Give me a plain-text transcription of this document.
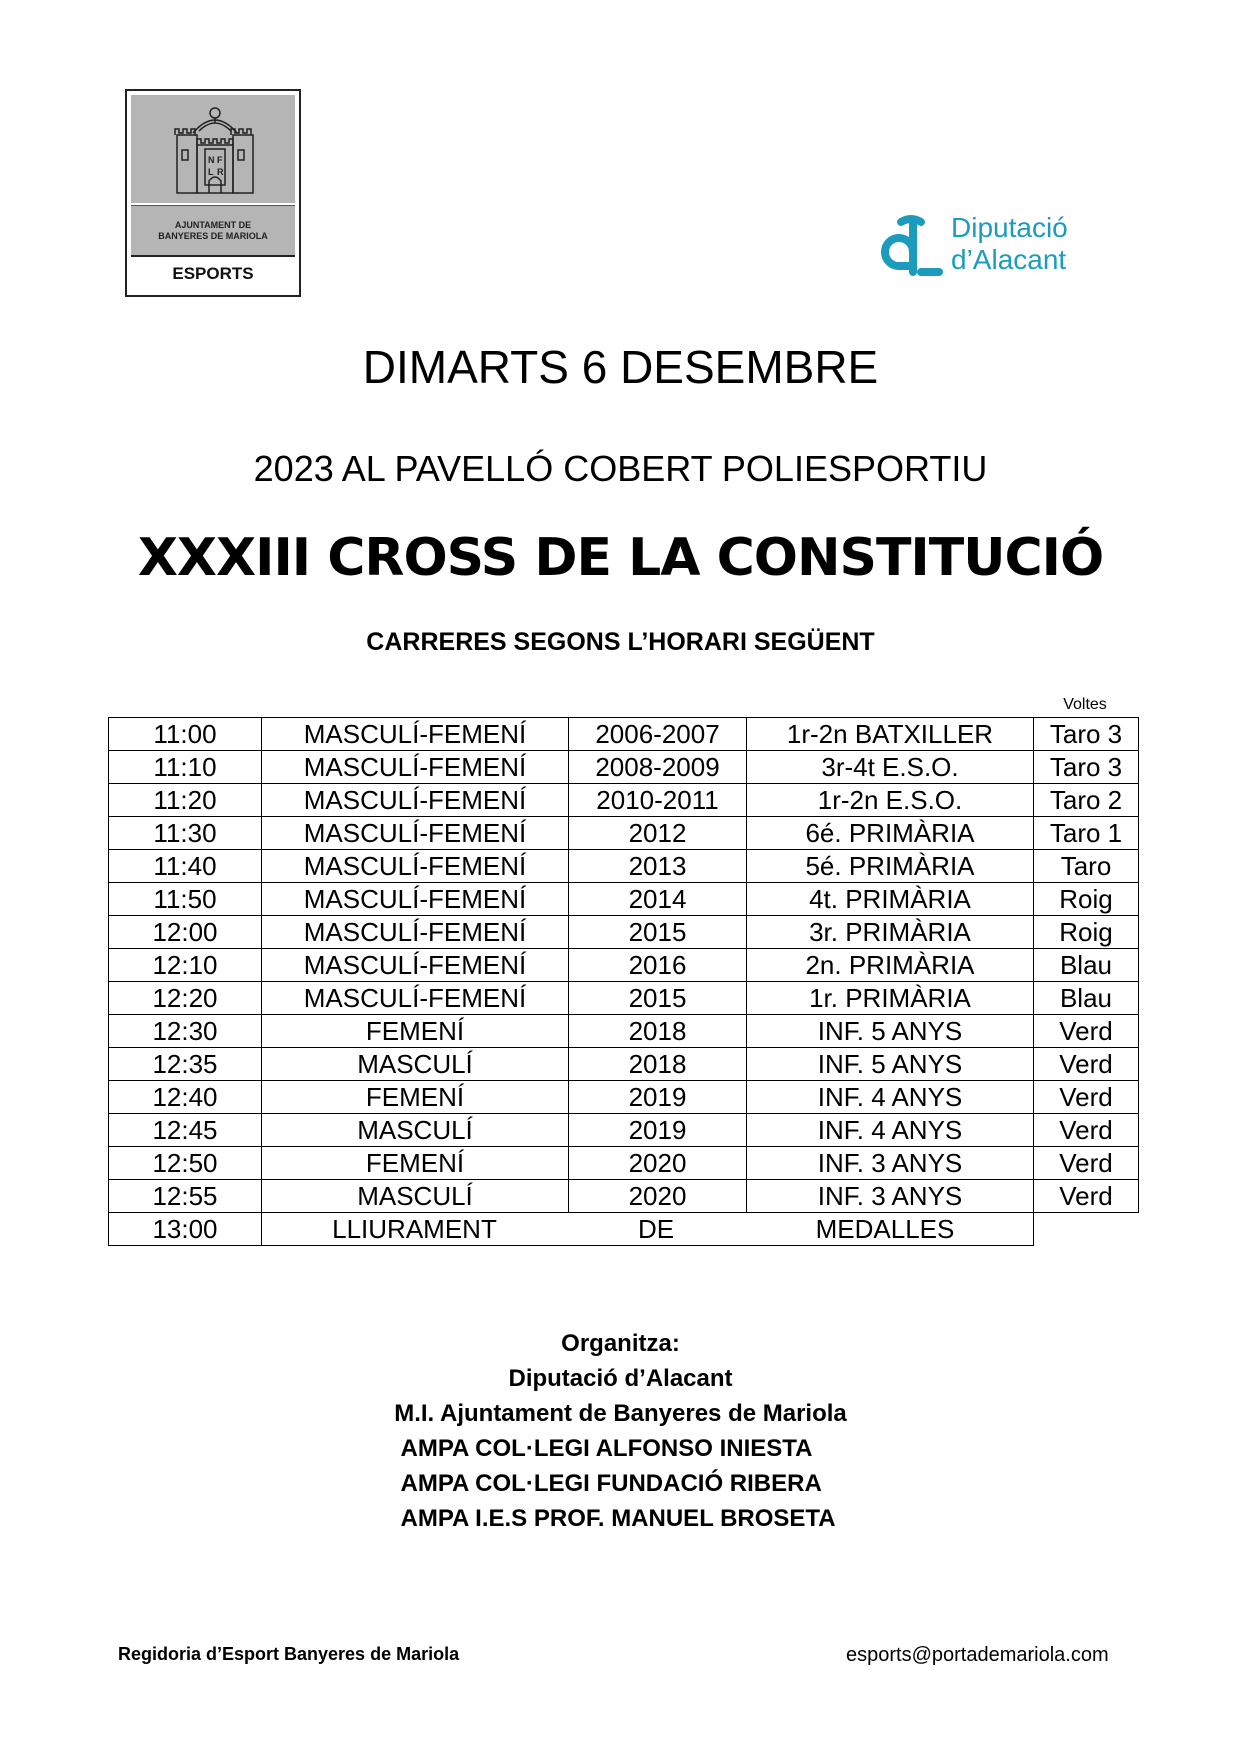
N F
L R
AJUNTAMENT DE
BANYERES DE MARIOLA
ESPORTS
Diputació
d’Alacant
DIMARTS 6 DESEMBRE
2023 AL PAVELLÓ COBERT POLIESPORTIU
XXXIII CROSS DE LA CONSTITUCIÓ
CARRERES SEGONS L’HORARI SEGÜENT
Voltes
11:00	MASCULÍ-FEMENÍ	2006-2007	1r-2n BATXILLER	Taro 3
11:10	MASCULÍ-FEMENÍ	2008-2009	3r-4t E.S.O.	Taro 3
11:20	MASCULÍ-FEMENÍ	2010-2011	1r-2n E.S.O.	Taro 2
11:30	MASCULÍ-FEMENÍ	2012	6é. PRIMÀRIA	Taro 1
11:40	MASCULÍ-FEMENÍ	2013	5é. PRIMÀRIA	Taro
11:50	MASCULÍ-FEMENÍ	2014	4t. PRIMÀRIA	Roig
12:00	MASCULÍ-FEMENÍ	2015	3r. PRIMÀRIA	Roig
12:10	MASCULÍ-FEMENÍ	2016	2n. PRIMÀRIA	Blau
12:20	MASCULÍ-FEMENÍ	2015	1r. PRIMÀRIA	Blau
12:30	FEMENÍ	2018	INF. 5 ANYS	Verd
12:35	MASCULÍ	2018	INF. 5 ANYS	Verd
12:40	FEMENÍ	2019	INF. 4 ANYS	Verd
12:45	MASCULÍ	2019	INF. 4 ANYS	Verd
12:50	FEMENÍ	2020	INF. 3 ANYS	Verd
12:55	MASCULÍ	2020	INF. 3 ANYS	Verd
13:00	LLIURAMENT DE MEDALLES			
Organitza:
Diputació d’Alacant
M.I. Ajuntament de Banyeres de Mariola
AMPA COL·LEGI ALFONSO INIESTA
AMPA COL·LEGI FUNDACIÓ RIBERA
AMPA I.E.S PROF. MANUEL BROSETA
Regidoria d’Esport Banyeres de Mariola	esports@portademariola.com
